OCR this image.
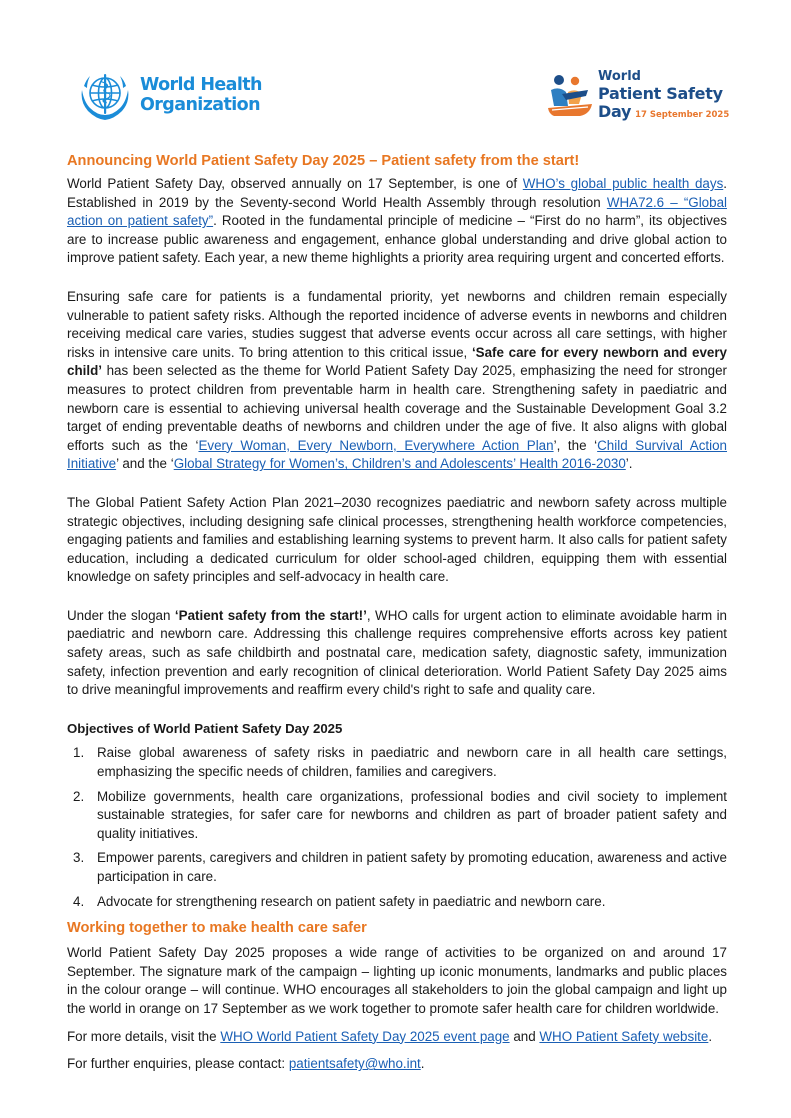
World Health
Organization
World
Patient Safety
Day 17 September 2025
Announcing World Patient Safety Day 2025 – Patient safety from the start!

World Patient Safety Day, observed annually on 17 September, is one of WHO’s global public health days. Established in 2019 by the Seventy-second World Health Assembly through resolution WHA72.6 – “Global action on patient safety”. Rooted in the fundamental principle of medicine – “First do no harm”, its objectives are to increase public awareness and engagement, enhance global understanding and drive global action to improve patient safety. Each year, a new theme highlights a priority area requiring urgent and concerted efforts.

Ensuring safe care for patients is a fundamental priority, yet newborns and children remain especially vulnerable to patient safety risks. Although the reported incidence of adverse events in newborns and children receiving medical care varies, studies suggest that adverse events occur across all care settings, with higher risks in intensive care units. To bring attention to this critical issue, ‘Safe care for every newborn and every child’ has been selected as the theme for World Patient Safety Day 2025, emphasizing the need for stronger measures to protect children from preventable harm in health care. Strengthening safety in paediatric and newborn care is essential to achieving universal health coverage and the Sustainable Development Goal 3.2 target of ending preventable deaths of newborns and children under the age of five. It also aligns with global efforts such as the ‘Every Woman, Every Newborn, Everywhere Action Plan’, the ‘Child Survival Action Initiative’ and the ‘Global Strategy for Women’s, Children’s and Adolescents’ Health 2016-2030’.

The Global Patient Safety Action Plan 2021–2030 recognizes paediatric and newborn safety across multiple strategic objectives, including designing safe clinical processes, strengthening health workforce competencies, engaging patients and families and establishing learning systems to prevent harm. It also calls for patient safety education, including a dedicated curriculum for older school-aged children, equipping them with essential knowledge on safety principles and self-advocacy in health care.

Under the slogan ‘Patient safety from the start!’, WHO calls for urgent action to eliminate avoidable harm in paediatric and newborn care. Addressing this challenge requires comprehensive efforts across key patient safety areas, such as safe childbirth and postnatal care, medication safety, diagnostic safety, immunization safety, infection prevention and early recognition of clinical deterioration. World Patient Safety Day 2025 aims to drive meaningful improvements and reaffirm every child's right to safe and quality care.

Objectives of World Patient Safety Day 2025
1. Raise global awareness of safety risks in paediatric and newborn care in all health care settings, emphasizing the specific needs of children, families and caregivers.
2. Mobilize governments, health care organizations, professional bodies and civil society to implement sustainable strategies, for safer care for newborns and children as part of broader patient safety and quality initiatives.
3. Empower parents, caregivers and children in patient safety by promoting education, awareness and active participation in care.
4. Advocate for strengthening research on patient safety in paediatric and newborn care.
Working together to make health care safer

World Patient Safety Day 2025 proposes a wide range of activities to be organized on and around 17 September. The signature mark of the campaign – lighting up iconic monuments, landmarks and public places in the colour orange – will continue. WHO encourages all stakeholders to join the global campaign and light up the world in orange on 17 September as we work together to promote safer health care for children worldwide.

For more details, visit the WHO World Patient Safety Day 2025 event page and WHO Patient Safety website.

For further enquiries, please contact: patientsafety@who.int.
